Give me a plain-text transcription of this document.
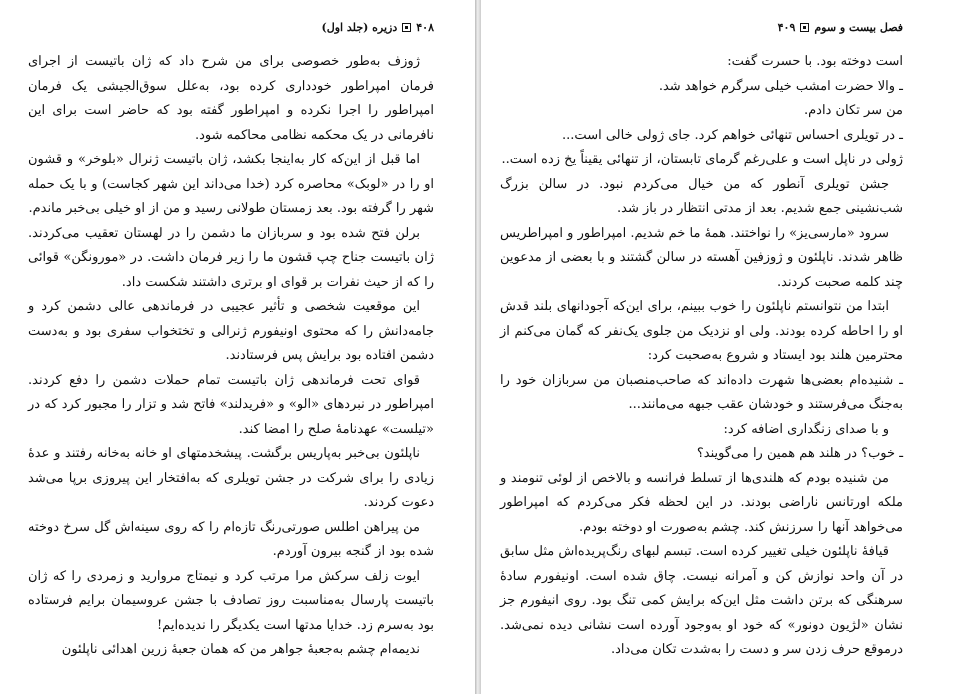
۴۰۸
دزیره (جلد اول)

ژوزف به‌طور خصوصی برای من شرح داد که ژان باتیست از اجرای فرمان امپراطور خودداری کرده بود، به‌علل سوق‌الجیشی یک فرمان امپراطور را اجرا نکرده و امپراطور گفته بود که حاضر است برای این نافرمانی در یک محکمه نظامی محاکمه شود.

اما قبل از این‌که کار به‌اینجا بکشد، ژان باتیست ژنرال «بلوخر» و قشون او را در «لوبک» محاصره کرد (خدا می‌داند این شهر کجاست) و با یک حمله شهر را گرفته بود. بعد زمستان طولانی رسید و من از او خیلی بی‌خبر ماندم.

برلن فتح شده بود و سربازان ما دشمن را در لهستان تعقیب می‌کردند. ژان باتیست جناح چپ قشون ما را زیر فرمان داشت. در «مورونگن» قوائی را که از حیث نفرات بر قوای او برتری داشتند شکست داد.

این موقعیت شخصی و تأثیر عجیبی در فرماندهی عالی دشمن کرد و جامه‌دانش را که محتوی اونیفورم ژنرالی و تختخواب سفری بود و به‌دست دشمن افتاده بود برایش پس فرستادند.

قوای تحت فرماندهی ژان باتیست تمام حملات دشمن را دفع کردند. امپراطور در نبردهای «الو» و «فریدلند» فاتح شد و تزار را مجبور کرد که در «تیلست» عهدنامهٔ صلح را امضا کند.

ناپلئون بی‌خبر به‌پاریس برگشت. پیشخدمتهای او خانه به‌خانه رفتند و عدهٔ زیادی را برای شرکت در جشن تویلری که به‌افتخار این پیروزی برپا می‌شد دعوت کردند.

من پیراهن اطلس صورتی‌رنگ تازه‌ام را که روی سینه‌اش گل سرخ دوخته شده بود از گنجه بیرون آوردم.

ایوت زلف سرکش مرا مرتب کرد و نیمتاج مروارید و زمردی را که ژان باتیست پارسال به‌مناسبت روز تصادف با جشن عروسیمان برایم فرستاده بود به‌سرم زد. خدایا مدتها است یکدیگر را ندیده‌ایم!

ندیمه‌ام چشم به‌جعبهٔ جواهر من که همان جعبهٔ زرین اهدائی ناپلئون

فصل بیست و سوم
۴۰۹

است دوخته بود. با حسرت گفت:

ـ والا حضرت امشب خیلی سرگرم خواهد شد.

من سر تکان دادم.

ـ در تویلری احساس تنهائی خواهم کرد. جای ژولی خالی است...

ژولی در ناپل است و علی‌رغم گرمای تابستان، از تنهائی یقیناً یخ زده است..

جشن تویلری آنطور که من خیال می‌کردم نبود. در سالن بزرگ شب‌نشینی جمع شدیم. بعد از مدتی انتظار در باز شد.

سرود «مارسی‌یز» را نواختند. همهٔ ما خم شدیم. امپراطور و امپراطریس ظاهر شدند. ناپلئون و ژوزفین آهسته در سالن گشتند و با بعضی از مدعوین چند کلمه صحبت کردند.

ابتدا من نتوانستم ناپلئون را خوب ببینم، برای این‌که آجودانهای بلند قدش او را احاطه کرده بودند. ولی او نزدیک من جلوی یک‌نفر که گمان می‌کنم از محترمین هلند بود ایستاد و شروع به‌صحبت کرد:

ـ شنیده‌ام بعضی‌ها شهرت داده‌اند که صاحب‌منصبان من سربازان خود را به‌جنگ می‌فرستند و خودشان عقب جبهه می‌مانند...

و با صدای زنگداری اضافه کرد:

ـ خوب؟ در هلند هم همین را می‌گویند؟

من شنیده بودم که هلندی‌ها از تسلط فرانسه و بالاخص از لوئی تنومند و ملکه اورتانس ناراضی بودند. در این لحظه فکر می‌کردم که امپراطور می‌خواهد آنها را سرزنش کند. چشم به‌صورت او دوخته بودم.

قیافهٔ ناپلئون خیلی تغییر کرده است. تبسم لبهای رنگ‌پریده‌اش مثل سابق در آن واحد نوازش کن و آمرانه نیست. چاق شده است. اونیفورم سادهٔ سرهنگی که برتن داشت مثل این‌که برایش کمی تنگ بود. روی انیفورم جز نشان «لژیون دونور» که خود او به‌وجود آورده است نشانی دیده نمی‌شد. درموقع حرف زدن سر و دست را به‌شدت تکان می‌داد.
